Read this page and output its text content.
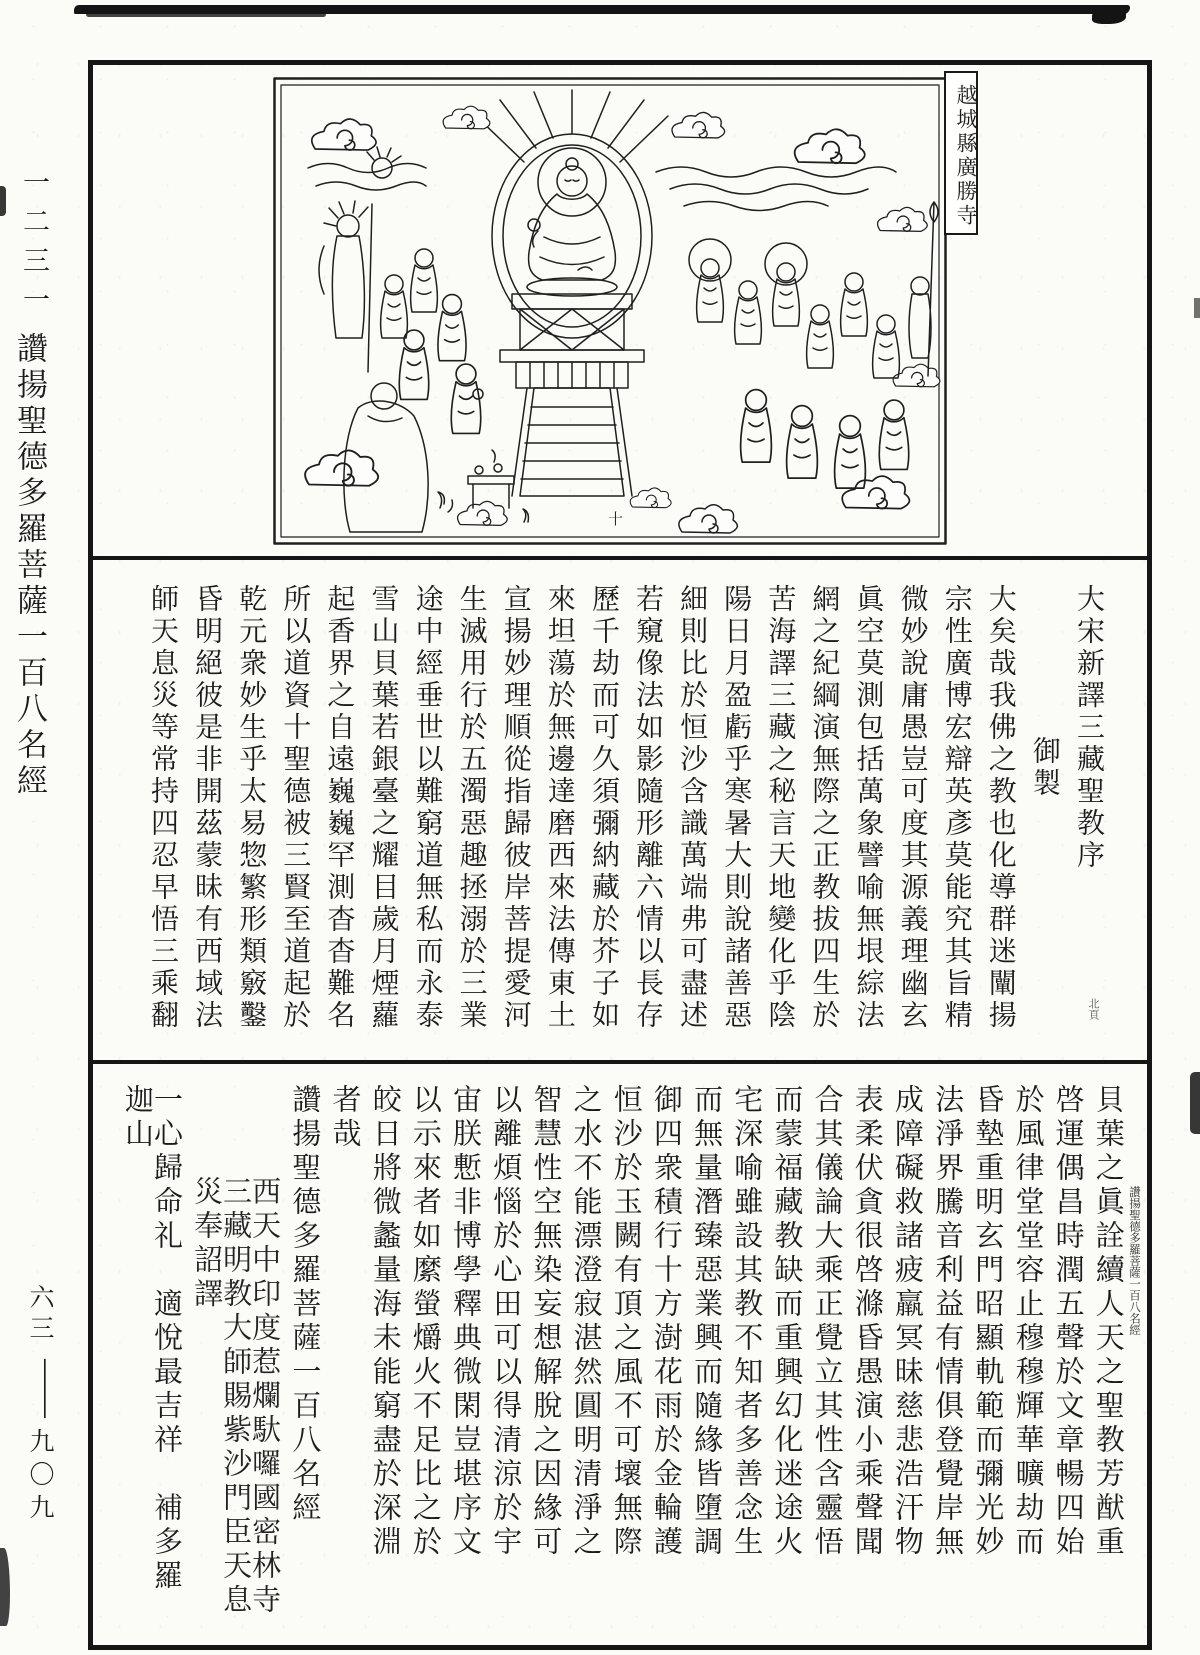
一二三一
讚揚聖德多羅菩薩一百八名經
六三
—
九〇九
十
越城縣廣勝寺
大宋新譯三藏聖教序
御製
大矣哉我佛之教也化導群迷闡揚
宗性廣博宏辯英彥莫能究其旨精
微妙說庸愚豈可度其源義理幽玄
眞空莫測包括萬象譬喻無垠綜法
網之紀綱演無際之正教拔四生於
苦海譯三藏之秘言天地變化乎陰
陽日月盈虧乎寒暑大則說諸善惡
細則比於恒沙含識萬端弗可盡述
若窺像法如影隨形離六情以長存
歷千劫而可久須彌納藏於芥子如
來坦蕩於無邊達磨西來法傳東土
宣揚妙理順從指歸彼岸菩提愛河
生滅用行於五濁惡趣拯溺於三業
途中經垂世以難窮道無私而永泰
雪山貝葉若銀臺之耀目歲月煙蘿
起香界之自遠巍巍罕測杳杳難名
所以道資十聖德被三賢至道起於
乾元衆妙生乎太易惣繁形類竅鑿
昏明絕彼是非開茲蒙昧有西域法
師天息災等常持四忍早悟三乘翻	北頁
貝葉之眞詮續人天之聖教芳猷重
啓運偶昌時潤五聲於文章暢四始
於風律堂堂容止穆穆輝華曠劫而
昏墊重明玄門昭顯軌範而彌光妙
法淨界騰音利益有情俱登覺岸無
成障礙救諸疲羸冥昧慈悲浩汗物
表柔伏貪很啓滌昏愚演小乘聲聞
合其儀論大乘正覺立其性含靈悟
而蒙福藏教缺而重興幻化迷途火
宅深喻雖設其教不知者多善念生
而無量潛臻惡業興而隨緣皆墮調
御四衆積行十方澍花雨於金輪護
恒沙於玉闕有頂之風不可壞無際
之水不能漂澄寂湛然圓明清淨之
智慧性空無染妄想解脫之因緣可
以離煩惱於心田可以得清涼於宇
宙朕慙非博學釋典微閑豈堪序文
以示來者如縻螢爝火不足比之於
皎日將微蠡量海未能窮盡於深淵
者哉
讚揚聖德多羅菩薩一百八名經
西天中印度惹爛馱囉國密林寺三藏明教大師賜紫沙門臣天息災奉詔譯
一心歸命礼　適悅最吉祥　補多羅迦山
讚揚聖德多羅菩薩一百八名經
